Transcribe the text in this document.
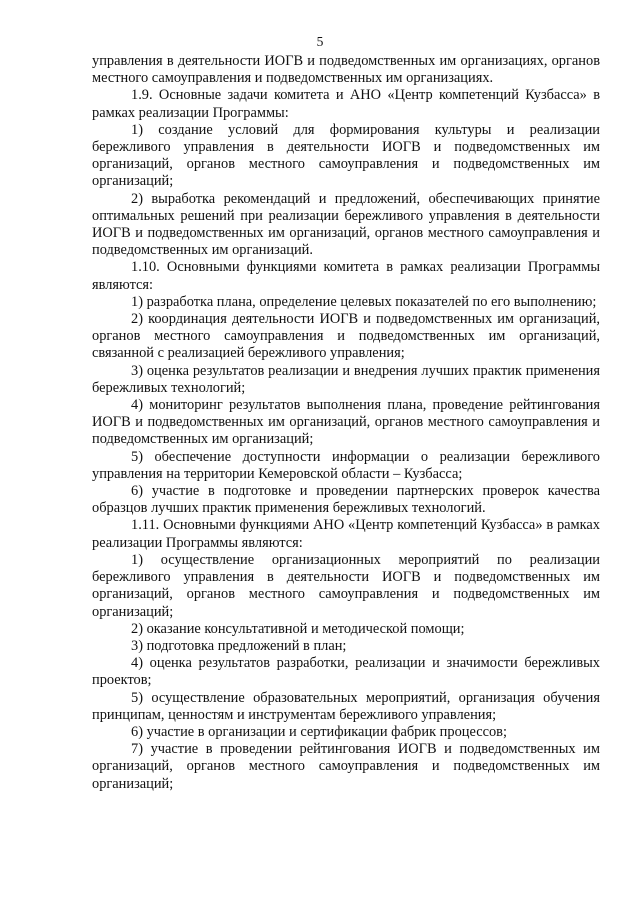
5

управления в деятельности ИОГВ и подведомственных им организациях, органов местного самоуправления и подведомственных им организациях.

1.9. Основные задачи комитета и АНО «Центр компетенций Кузбасса» в рамках реализации Программы:

1) создание условий для формирования культуры и реализации бережливого управления в деятельности ИОГВ и подведомственных им организаций, органов местного самоуправления и подведомственных им организаций;

2) выработка рекомендаций и предложений, обеспечивающих принятие оптимальных решений при реализации бережливого управления в деятельности ИОГВ и подведомственных им организаций, органов местного самоуправления и подведомственных им организаций.

1.10. Основными функциями комитета в рамках реализации Программы являются:

1) разработка плана, определение целевых показателей по его выполнению;

2) координация деятельности ИОГВ и подведомственных им организаций, органов местного самоуправления и подведомственных им организаций, связанной с реализацией бережливого управления;

3) оценка результатов реализации и внедрения лучших практик применения бережливых технологий;

4) мониторинг результатов выполнения плана, проведение рейтингования ИОГВ и подведомственных им организаций, органов местного самоуправления и подведомственных им организаций;

5) обеспечение доступности информации о реализации бережливого управления на территории Кемеровской области – Кузбасса;

6) участие в подготовке и проведении партнерских проверок качества образцов лучших практик применения бережливых технологий.

1.11. Основными функциями АНО «Центр компетенций Кузбасса» в рамках реализации Программы являются:

1) осуществление организационных мероприятий по реализации бережливого управления в деятельности ИОГВ и подведомственных им организаций, органов местного самоуправления и подведомственных им организаций;

2) оказание консультативной и методической помощи;

3) подготовка предложений в план;

4) оценка результатов разработки, реализации и значимости бережливых проектов;

5) осуществление образовательных мероприятий, организация обучения принципам, ценностям и инструментам бережливого управления;

6) участие в организации и сертификации фабрик процессов;

7) участие в проведении рейтингования ИОГВ и подведомственных им организаций, органов местного самоуправления и подведомственных им организаций;
